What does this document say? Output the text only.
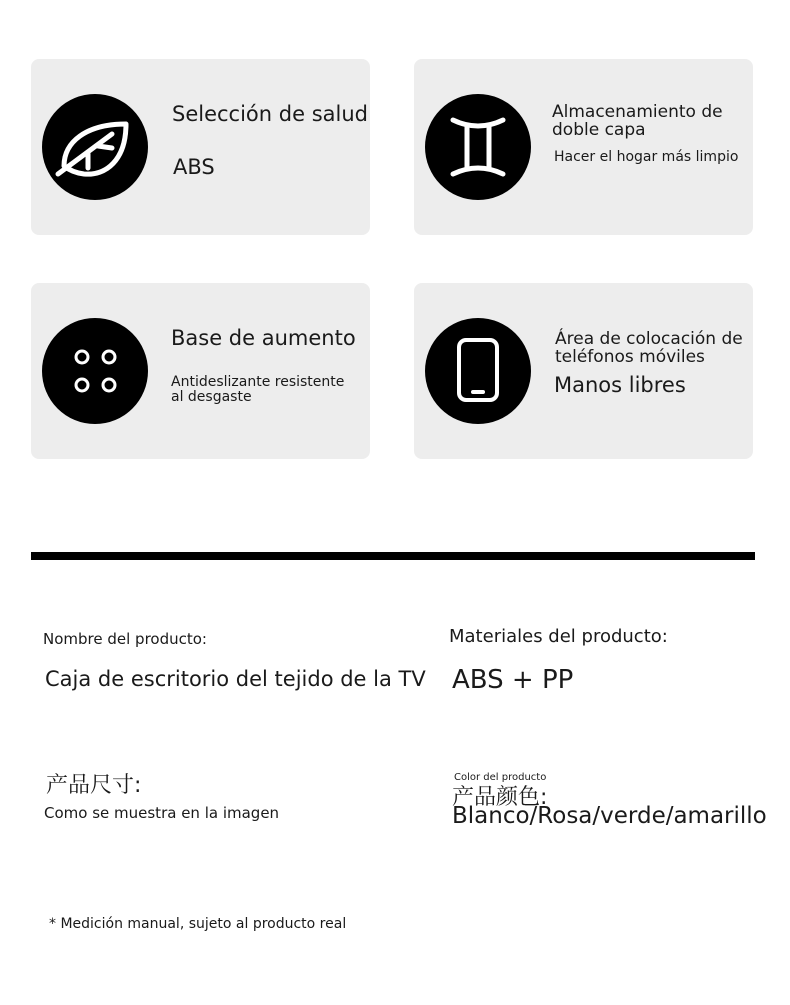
Selección de salud
ABS
Almacenamiento de doble capa
Hacer el hogar más limpio
Base de aumento
Antideslizante resistente al desgaste
Área de colocación de teléfonos móviles
Manos libres
Nombre del producto:
Caja de escritorio del tejido de la TV
Materiales del producto:
ABS + PP
产品尺寸:
Como se muestra en la imagen
产品颜色:
Color del producto
Blanco/Rosa/verde/amarillo
* Medición manual, sujeto al producto real
